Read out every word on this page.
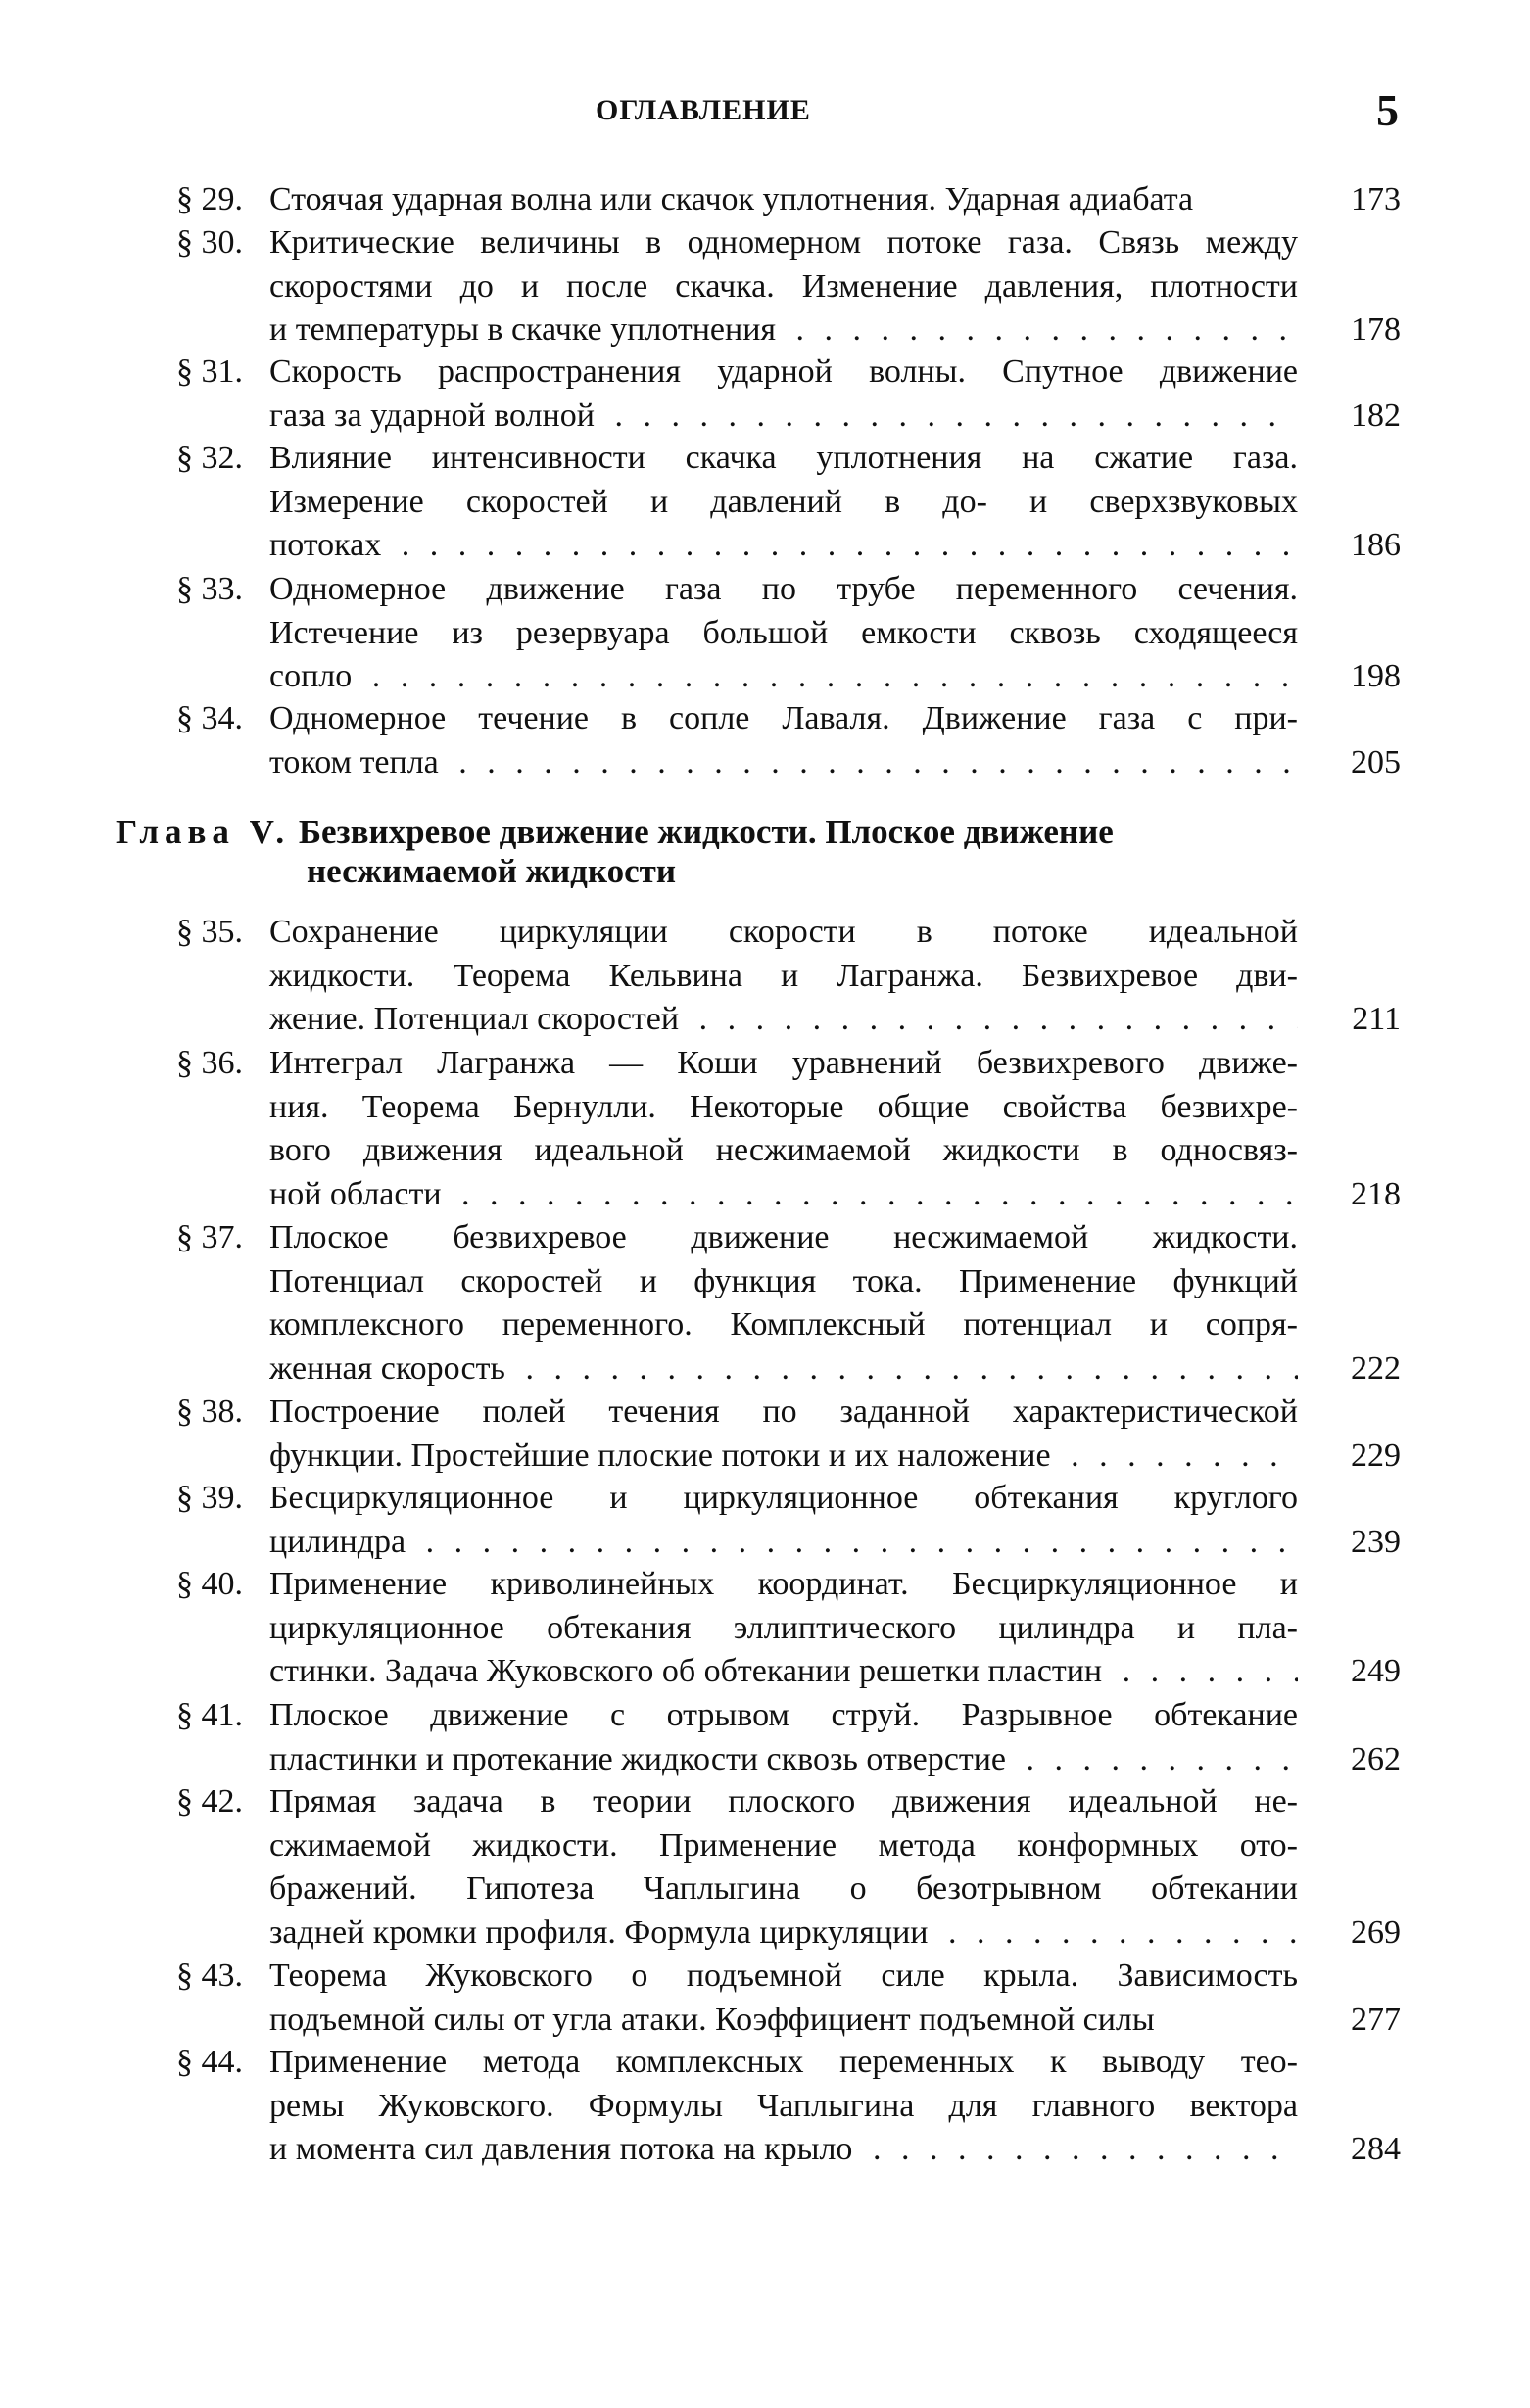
ОГЛАВЛЕНИЕ	5
§ 29. Стоячая ударная волна или скачок уплотнения. Ударная адиабата	173
§ 30. Критические величины в одномерном потоке газа. Связь между
скоростями до и после скачка. Изменение давления, плотности
и температуры в скачке уплотнения . . .	178
§ 31. Скорость распространения ударной волны. Спутное движение
газа за ударной волной . . .	182
§ 32. Влияние интенсивности скачка уплотнения на сжатие газа.
Измерение скоростей и давлений в до- и сверхзвуковых
потоках . . .	186
§ 33. Одномерное движение газа по трубе переменного сечения.
Истечение из резервуара большой емкости сквозь сходящееся
сопло . . .	198
§ 34. Одномерное течение в сопле Лаваля. Движение газа с при-
током тепла . . .	205
Глава V. Безвихревое движение жидкости. Плоское движение
несжимаемой жидкости
§ 35. Сохранение циркуляции скорости в потоке идеальной
жидкости. Теорема Кельвина и Лагранжа. Безвихревое дви-
жение. Потенциал скоростей . . .	211
§ 36. Интеграл Лагранжа — Коши уравнений безвихревого движе-
ния. Теорема Бернулли. Некоторые общие свойства безвихре-
вого движения идеальной несжимаемой жидкости в односвяз-
ной области . . .	218
§ 37. Плоское безвихревое движение несжимаемой жидкости.
Потенциал скоростей и функция тока. Применение функций
комплексного переменного. Комплексный потенциал и сопря-
женная скорость . . .	222
§ 38. Построение полей течения по заданной характеристической
функции. Простейшие плоские потоки и их наложение . . .	229
§ 39. Бесциркуляционное и циркуляционное обтекания круглого
цилиндра . . .	239
§ 40. Применение криволинейных координат. Бесциркуляционное и
циркуляционное обтекания эллиптического цилиндра и пла-
стинки. Задача Жуковского об обтекании решетки пластин . . .	249
§ 41. Плоское движение с отрывом струй. Разрывное обтекание
пластинки и протекание жидкости сквозь отверстие . . .	262
§ 42. Прямая задача в теории плоского движения идеальной не-
сжимаемой жидкости. Применение метода конформных ото-
бражений. Гипотеза Чаплыгина о безотрывном обтекании
задней кромки профиля. Формула циркуляции . . .	269
§ 43. Теорема Жуковского о подъемной силе крыла. Зависимость
подъемной силы от угла атаки. Коэффициент подъемной силы	277
§ 44. Применение метода комплексных переменных к выводу тео-
ремы Жуковского. Формулы Чаплыгина для главного вектора
и момента сил давления потока на крыло . . .	284
